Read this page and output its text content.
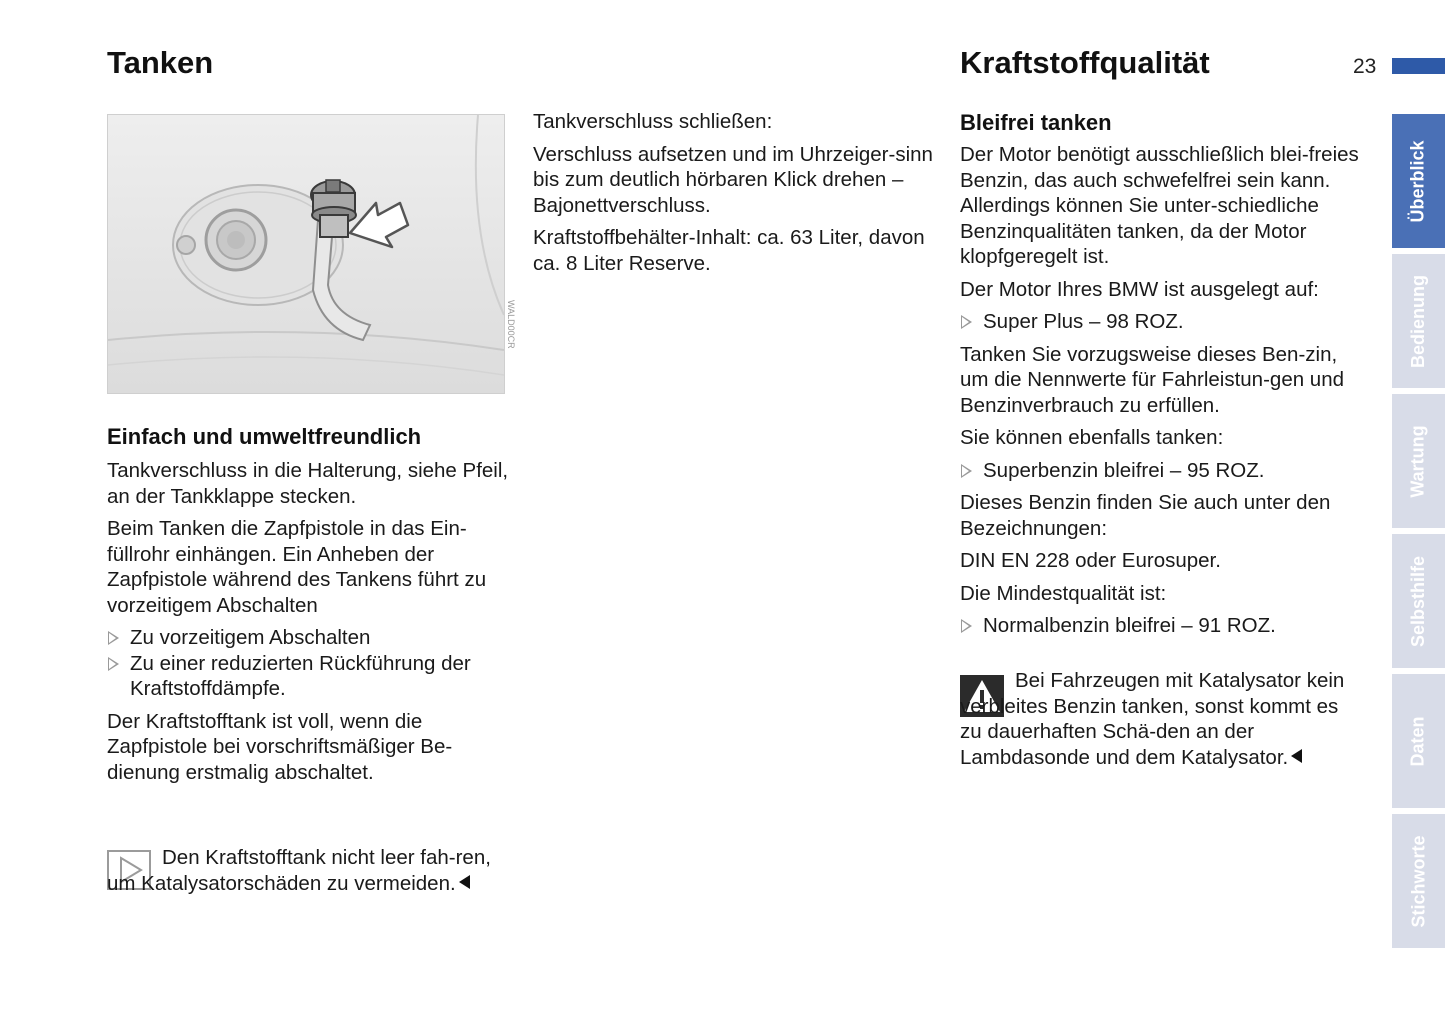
Tanken	Kraftstoffqualität	23
WALD00CR
Einfach und umweltfreundlich

Tankverschluss in die Halterung, siehe Pfeil, an der Tankklappe stecken.

Beim Tanken die Zapfpistole in das Ein-füllrohr einhängen. Ein Anheben der Zapfpistole während des Tankens führt zu vorzeitigem Abschalten

Zu vorzeitigem Abschalten
Zu einer reduzierten Rückführung der Kraftstoffdämpfe.

Der Kraftstofftank ist voll, wenn die Zapfpistole bei vorschriftsmäßiger Be-dienung erstmalig abschaltet.

Den Kraftstofftank nicht leer fah-ren, um Katalysatorschäden zu vermeiden.

Tankverschluss schließen:

Verschluss aufsetzen und im Uhrzeiger-sinn bis zum deutlich hörbaren Klick drehen – Bajonettverschluss.

Kraftstoffbehälter-Inhalt: ca. 63 Liter, davon ca. 8 Liter Reserve.

Bleifrei tanken

Der Motor benötigt ausschließlich blei-freies Benzin, das auch schwefelfrei sein kann. Allerdings können Sie unter-schiedliche Benzinqualitäten tanken, da der Motor klopfgeregelt ist.

Der Motor Ihres BMW ist ausgelegt auf:

Super Plus – 98 ROZ.

Tanken Sie vorzugsweise dieses Ben-zin, um die Nennwerte für Fahrleistun-gen und Benzinverbrauch zu erfüllen.

Sie können ebenfalls tanken:

Superbenzin bleifrei – 95 ROZ.

Dieses Benzin finden Sie auch unter den Bezeichnungen:

DIN EN 228 oder Eurosuper.

Die Mindestqualität ist:

Normalbenzin bleifrei – 91 ROZ.

Bei Fahrzeugen mit Katalysator kein verbleites Benzin tanken, sonst kommt es zu dauerhaften Schä-den an der Lambdasonde und dem Katalysator.

Überblick
Bedienung
Wartung
Selbsthilfe
Daten
Stichworte
